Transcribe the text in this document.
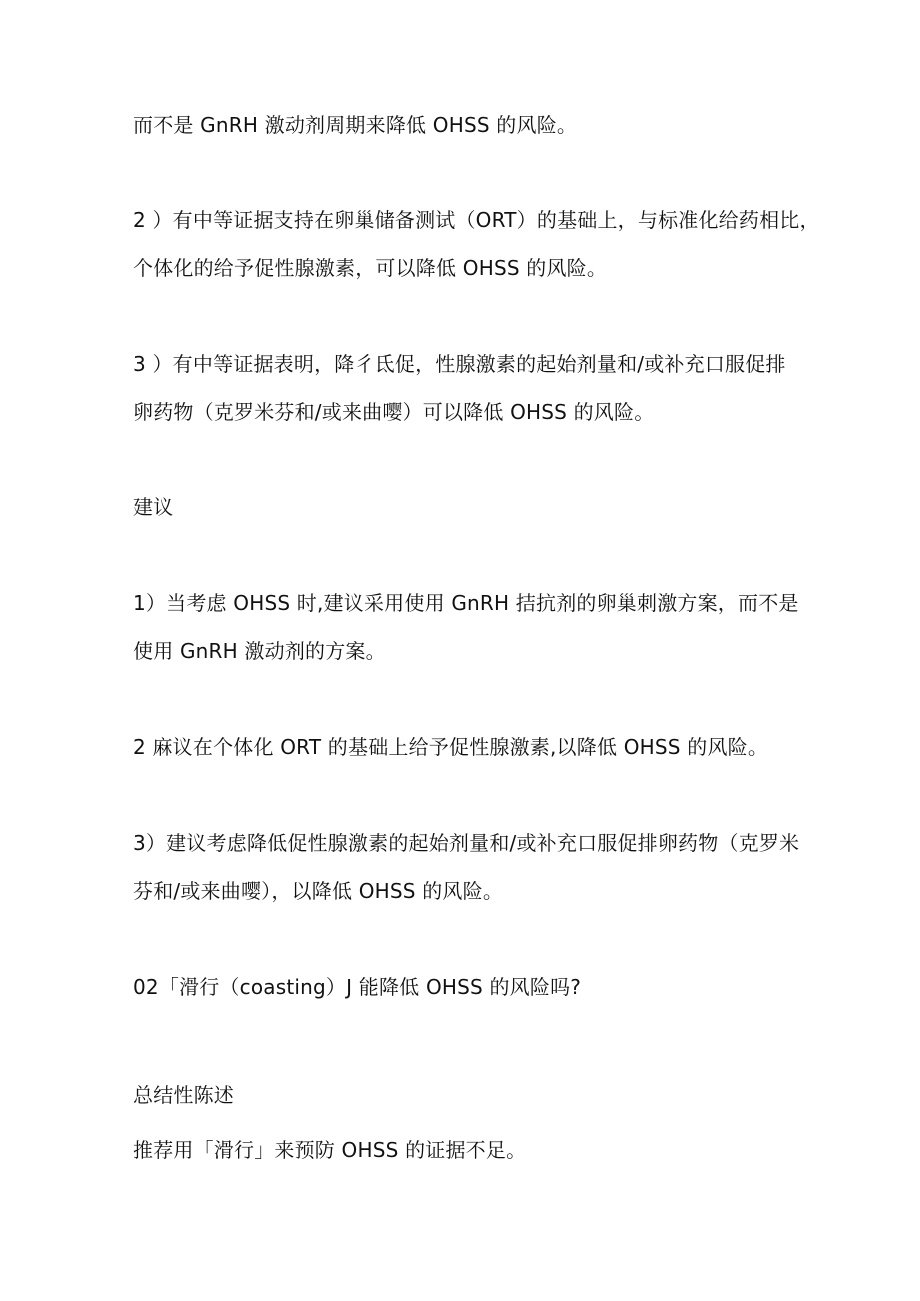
而不是 GnRH 激动剂周期来降低 OHSS 的风险。
2 ）有中等证据支持在卵巢储备测试（ORT）的基础上，与标准化给药相比，
个体化的给予促性腺激素，可以降低 OHSS 的风险。
3 ）有中等证据表明，降彳氐促，性腺激素的起始剂量和/或补充口服促排
卵药物（克罗米芬和/或来曲嘤）可以降低 OHSS 的风险。
建议
1）当考虑 OHSS 时,建议采用使用 GnRH 拮抗剂的卵巢刺激方案，而不是
使用 GnRH 激动剂的方案。
2 麻议在个体化 ORT 的基础上给予促性腺激素,以降低 OHSS 的风险。
3）建议考虑降低促性腺激素的起始剂量和/或补充口服促排卵药物（克罗米
芬和/或来曲嘤），以降低 OHSS 的风险。
02「滑行（coasting）J 能降低 OHSS 的风险吗?
总结性陈述
推荐用「滑行」来预防 OHSS 的证据不足。
